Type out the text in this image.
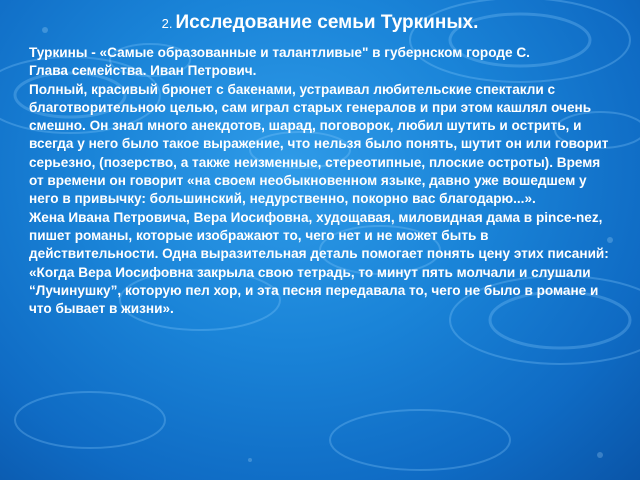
2. Исследование семьи Туркиных.

Туркины - «Самые образованные и талантливые" в губернском городе С.

Глава семейства. Иван Петрович.

Полный, красивый брюнет с бакенами, устраивал любительские спектакли с благотворительною целью, сам играл старых генералов и при этом кашлял очень смешно. Он знал много анекдотов, шарад, поговорок, любил шутить и острить, и всегда у него было такое выражение, что нельзя было понять, шутит он или говорит серьезно, (позерство, а также неизменные, стереотипные, плоские остроты). Время от времени он говорит «на своем необыкновенном языке, давно уже вошедшем у него в привычку: большинский, недурственно, покорно вас благодарю...».

Жена Ивана Петровича, Вера Иосифовна, худощавая, миловидная дама в pince-nez, пишет романы, которые изображают то, чего нет и не может быть в действительности. Одна выразительная деталь помогает понять цену этих писаний: «Когда Вера Иосифовна закрыла свою тетрадь, то минут пять молчали и слушали “Лучинушку”, которую пел хор, и эта песня передавала то, чего не было в романе и что бывает в жизни».
